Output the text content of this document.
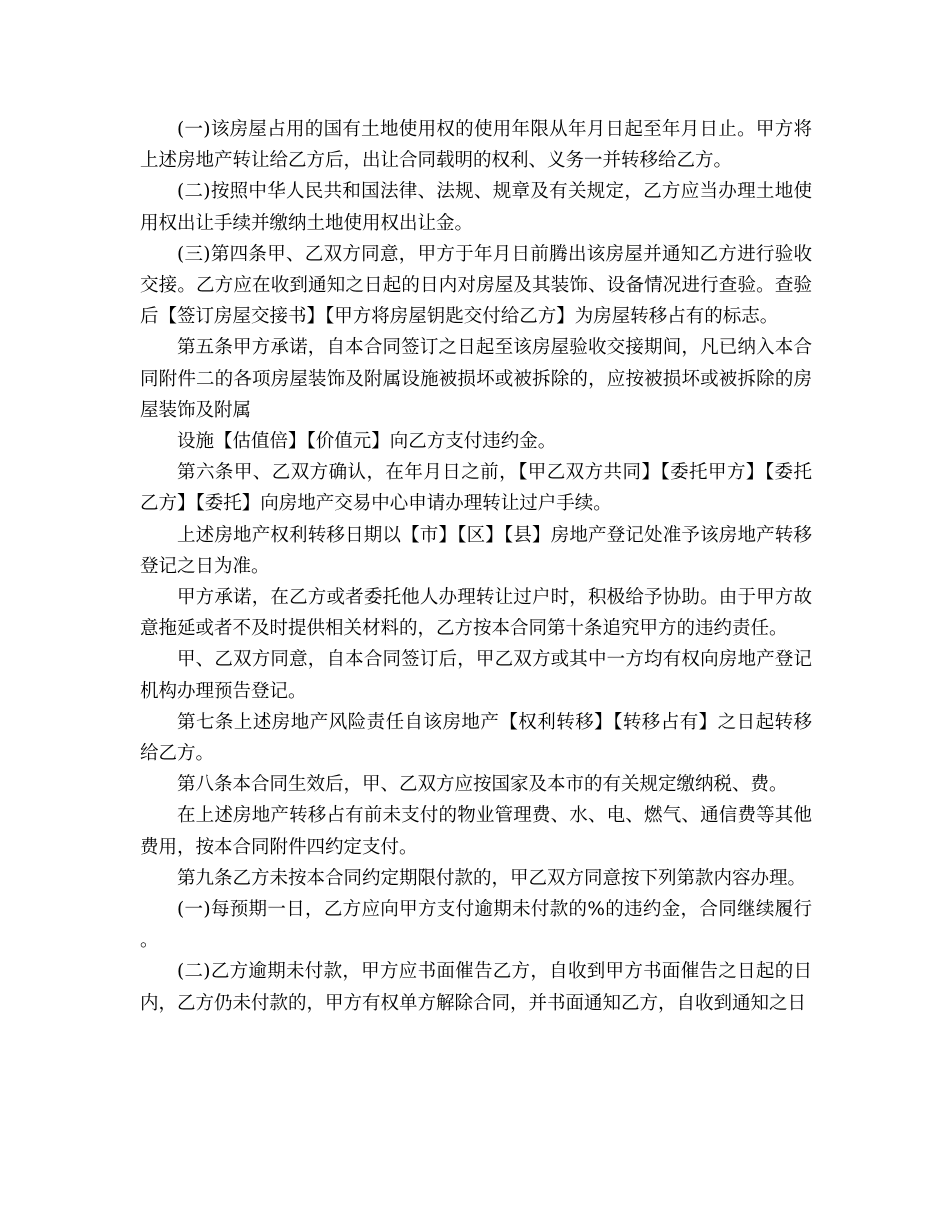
(一)该房屋占用的国有土地使用权的使用年限从年月日起至年月日止。甲方将上述房地产转让给乙方后，出让合同载明的权利、义务一并转移给乙方。

(二)按照中华人民共和国法律、法规、规章及有关规定，乙方应当办理土地使用权出让手续并缴纳土地使用权出让金。

(三)第四条甲、乙双方同意，甲方于年月日前腾出该房屋并通知乙方进行验收交接。乙方应在收到通知之日起的日内对房屋及其装饰、设备情况进行查验。查验后【签订房屋交接书】【甲方将房屋钥匙交付给乙方】为房屋转移占有的标志。

第五条甲方承诺，自本合同签订之日起至该房屋验收交接期间，凡已纳入本合同附件二的各项房屋装饰及附属设施被损坏或被拆除的，应按被损坏或被拆除的房屋装饰及附属

设施【估值倍】【价值元】向乙方支付违约金。

第六条甲、乙双方确认，在年月日之前，【甲乙双方共同】【委托甲方】【委托乙方】【委托】向房地产交易中心申请办理转让过户手续。

上述房地产权利转移日期以【市】【区】【县】房地产登记处准予该房地产转移登记之日为准。

甲方承诺，在乙方或者委托他人办理转让过户时，积极给予协助。由于甲方故意拖延或者不及时提供相关材料的，乙方按本合同第十条追究甲方的违约责任。

甲、乙双方同意，自本合同签订后，甲乙双方或其中一方均有权向房地产登记机构办理预告登记。

第七条上述房地产风险责任自该房地产【权利转移】【转移占有】之日起转移给乙方。

第八条本合同生效后，甲、乙双方应按国家及本市的有关规定缴纳税、费。

在上述房地产转移占有前未支付的物业管理费、水、电、燃气、通信费等其他费用，按本合同附件四约定支付。

第九条乙方未按本合同约定期限付款的，甲乙双方同意按下列第款内容办理。

(一)每预期一日，乙方应向甲方支付逾期未付款的%的违约金，合同继续履行。

(二)乙方逾期未付款，甲方应书面催告乙方，自收到甲方书面催告之日起的日内，乙方仍未付款的，甲方有权单方解除合同，并书面通知乙方，自收到通知之日
